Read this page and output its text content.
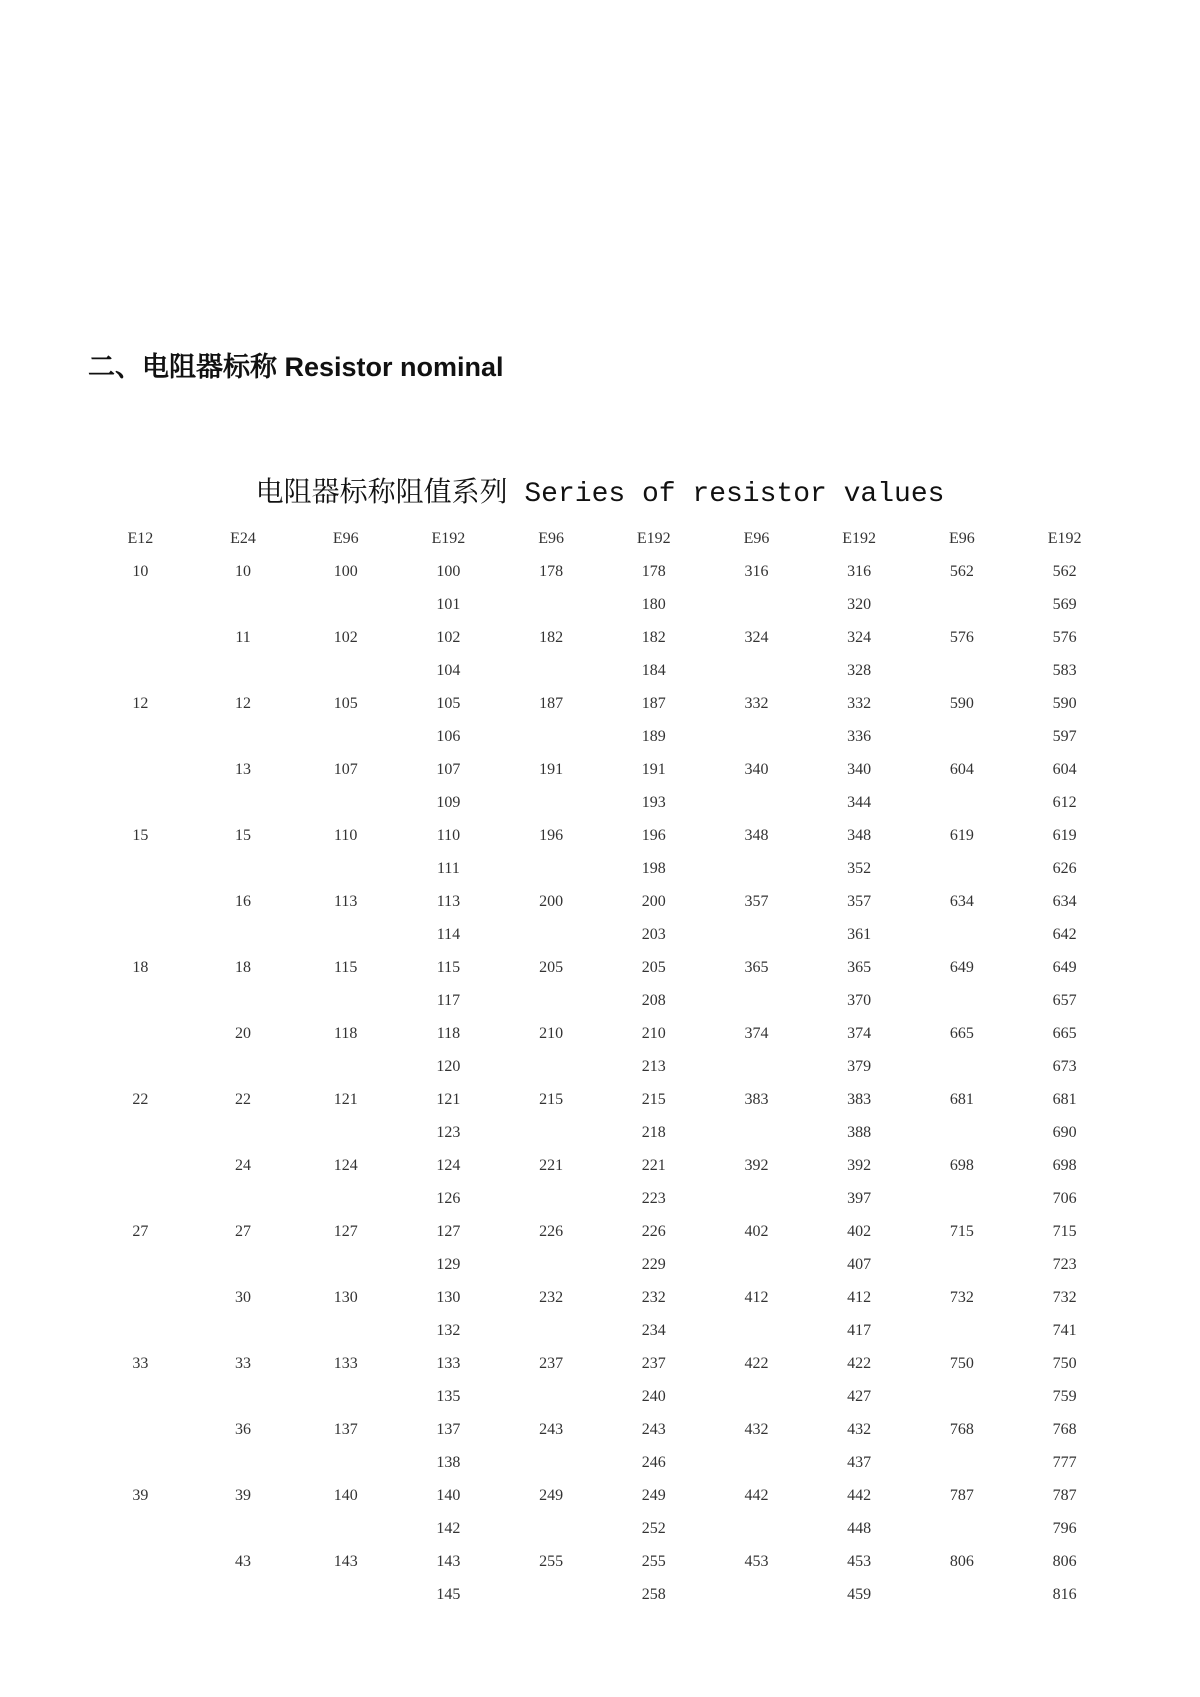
二、电阻器标称 Resistor nominal
电阻器标称阻值系列 Series of resistor values
E12	E24	E96	E192	E96	E192	E96	E192	E96	E192
10	10	100	100	178	178	316	316	562	562
			101		180		320		569
	11	102	102	182	182	324	324	576	576
			104		184		328		583
12	12	105	105	187	187	332	332	590	590
			106		189		336		597
	13	107	107	191	191	340	340	604	604
			109		193		344		612
15	15	110	110	196	196	348	348	619	619
			111		198		352		626
	16	113	113	200	200	357	357	634	634
			114		203		361		642
18	18	115	115	205	205	365	365	649	649
			117		208		370		657
	20	118	118	210	210	374	374	665	665
			120		213		379		673
22	22	121	121	215	215	383	383	681	681
			123		218		388		690
	24	124	124	221	221	392	392	698	698
			126		223		397		706
27	27	127	127	226	226	402	402	715	715
			129		229		407		723
	30	130	130	232	232	412	412	732	732
			132		234		417		741
33	33	133	133	237	237	422	422	750	750
			135		240		427		759
	36	137	137	243	243	432	432	768	768
			138		246		437		777
39	39	140	140	249	249	442	442	787	787
			142		252		448		796
	43	143	143	255	255	453	453	806	806
			145		258		459		816
